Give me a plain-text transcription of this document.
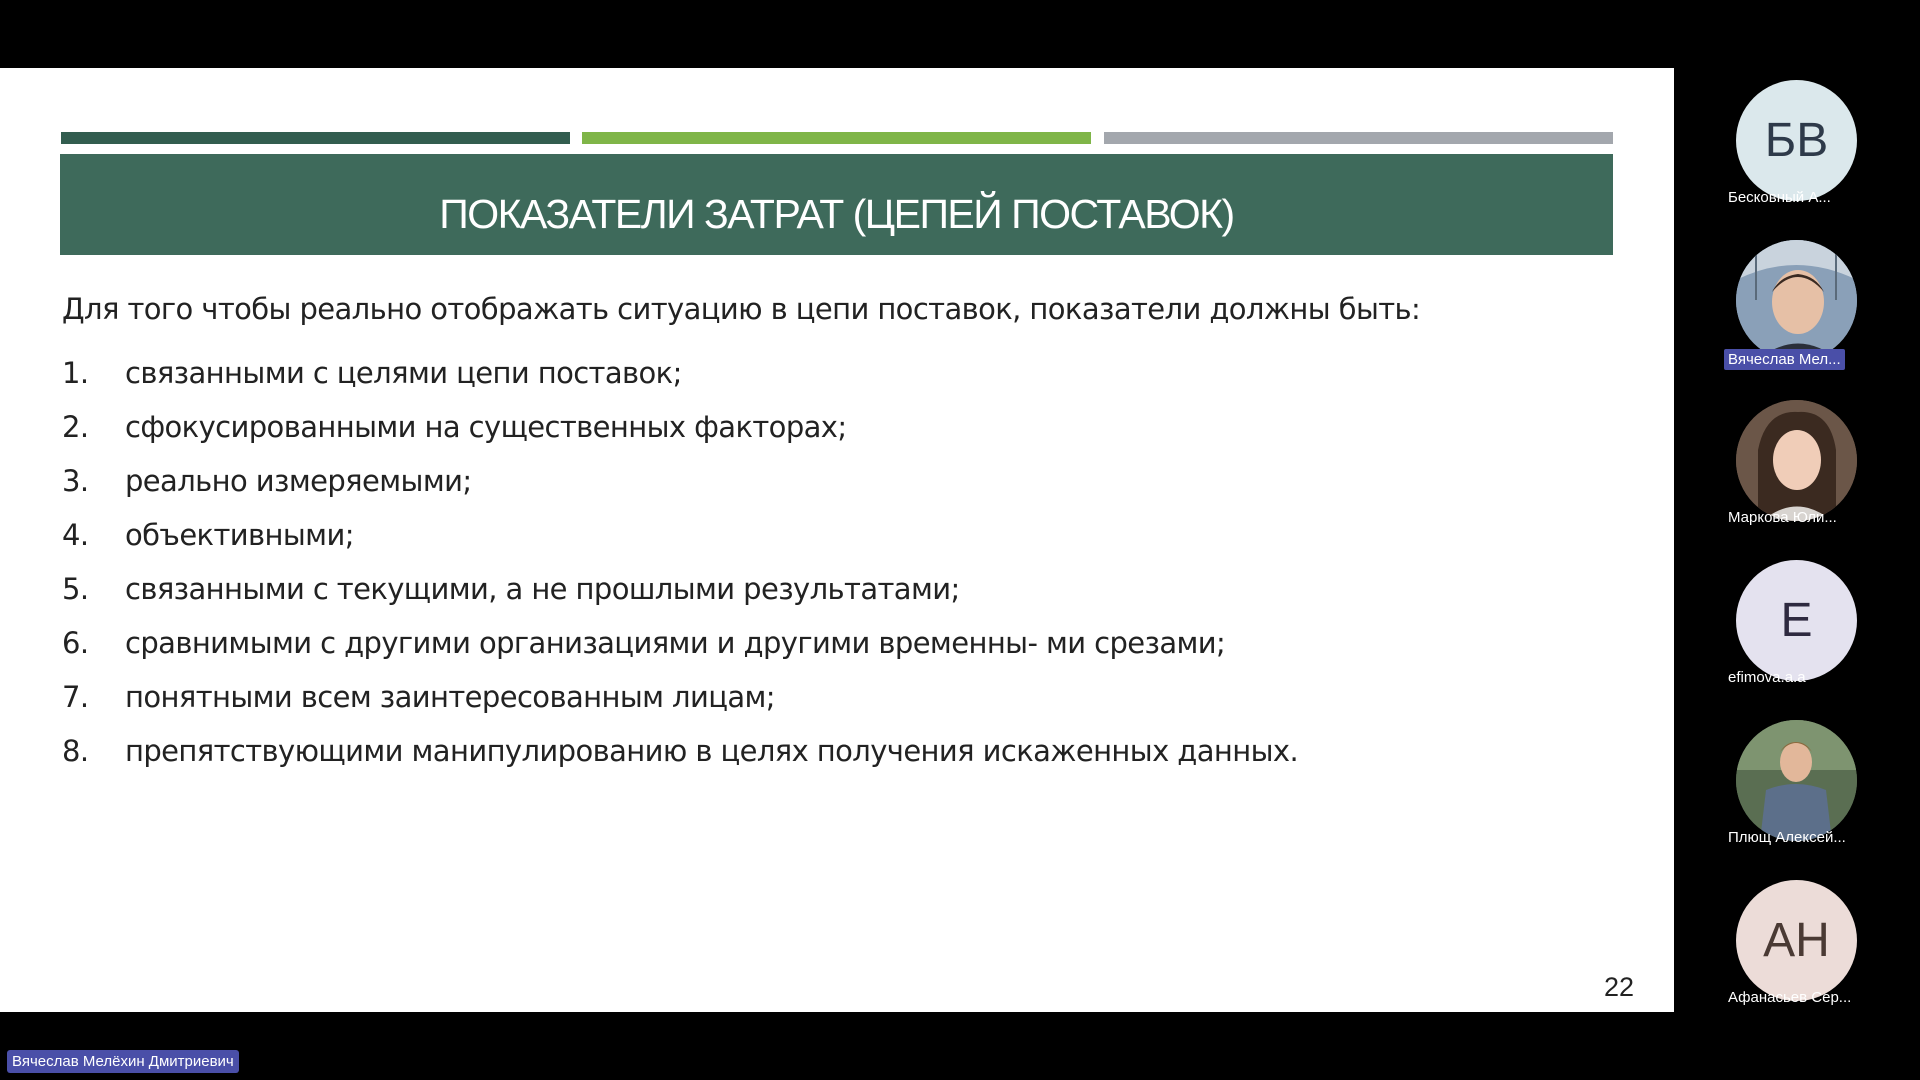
ПОКАЗАТЕЛИ ЗАТРАТ (ЦЕПЕЙ ПОСТАВОК)
Для того чтобы реально отображать ситуацию в цепи поставок, показатели должны быть:
1.	связанными с целями цепи поставок;
2.	сфокусированными на существенных факторах;
3.	реально измеряемыми;
4.	объективными;
5.	связанными с текущими, а не прошлыми результатами;
6.	сравнимыми с другими организациями и другими временны- ми срезами;
7.	понятными всем заинтересованным лицам;
8.	препятствующими манипулированию в целях получения искаженных данных.
22
БВ
Бесковный А...
Вячеслав Мел...
Маркова Юли...
E
efimova.a.a
Плющ Алексей...
АН
Афанасьев Сер...
Вячеслав Мелёхин Дмитриевич
